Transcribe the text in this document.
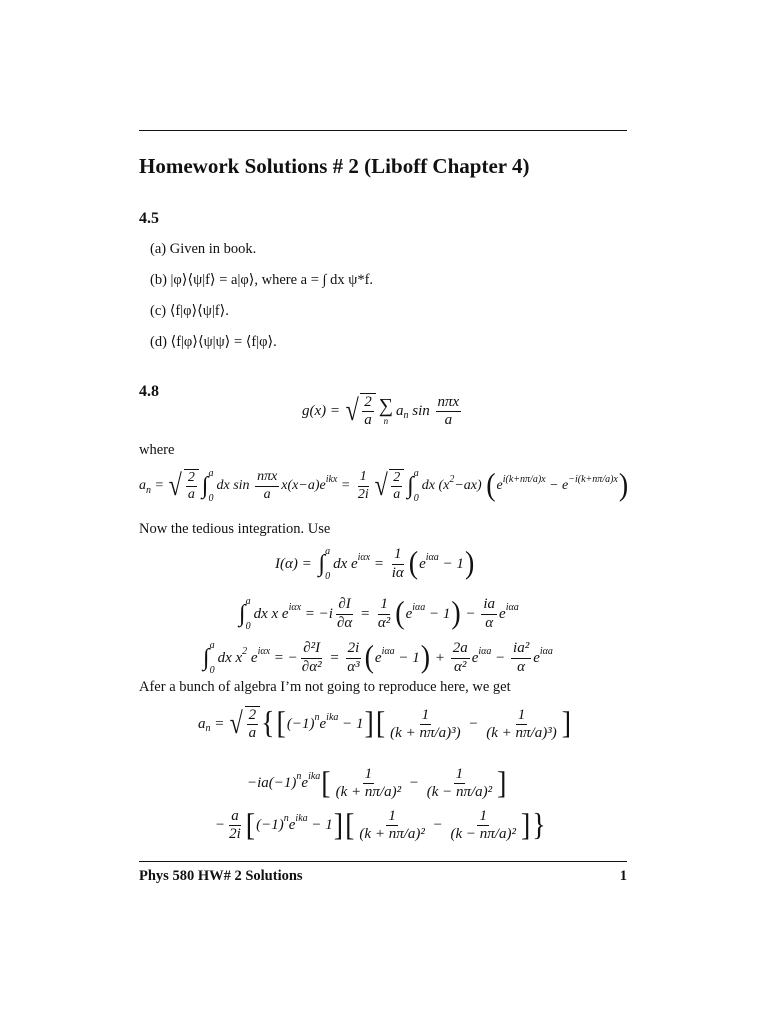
Homework Solutions # 2 (Liboff Chapter 4)
4.5
(a) Given in book.
(b) |φ⟩⟨ψ|f⟩ = a|φ⟩, where a = ∫ dx ψ*f.
(c) ⟨f|φ⟩⟨ψ|f⟩.
(d) ⟨f|φ⟩⟨ψ|ψ⟩ = ⟨f|φ⟩.
4.8
g(x) = √ $\frac{2}{a}$ ∑
n
a n $\sin \frac{\text{nπx}}{a}$
where
a n = √ $\frac{2}{a}$ ∫ a
0
dx $\sin \frac{\text{nπx}}{a} x(x-a)e$ ikx = $\frac{1}{2i}$ √ $\frac{2}{a}$ ∫ a
0
dx (x 2 −ax) ( e i(k+nπ/a)x − e −i(k+nπ/a)x )
Now the tedious integration. Use
I(α) = ∫ a
0
dx e $i\alpha x = \frac{1}{i\alpha}$ ( e iαa − 1 )
∫ a
0
dx x e $i\alpha x = -i \frac{\partial I}{\partial\alpha} = \frac{1}{\text{α²}}$ ( e iαa − 1 ) − $\frac{ia}{\alpha}$ e iαa
∫ a
0
dx x 2 e iαx = − $\frac{\text{∂²I}}{\text{∂α²}} = \frac{2i}{\text{α³}}$ ( e iαa − 1 ) + $\frac{2a}{\text{α²}}$ e $i\alpha a - \frac{\text{ia²}}{\alpha}$ e iαa
Afer a bunch of algebra I’m not going to reproduce here, we get
a n = √ $\frac{2}{a}$ { [ (−1) n e ika − 1 ] [ $\frac{1}{\text{(k + nπ/a)³)}} - \frac{1}{\text{(k + nπ/a)³)}}$ ]
−ia(−1) n e ika [ $\frac{1}{\text{(k + nπ/a)²}} - \frac{1}{\text{(k − nπ/a)²}}$ ]
− $\frac{a}{2i}$ [ (−1) n e ika − 1 ] [ $\frac{1}{\text{(k + nπ/a)²}} - \frac{1}{\text{(k − nπ/a)²}}$ ] }
Phys 580 HW# 2 Solutions	1
